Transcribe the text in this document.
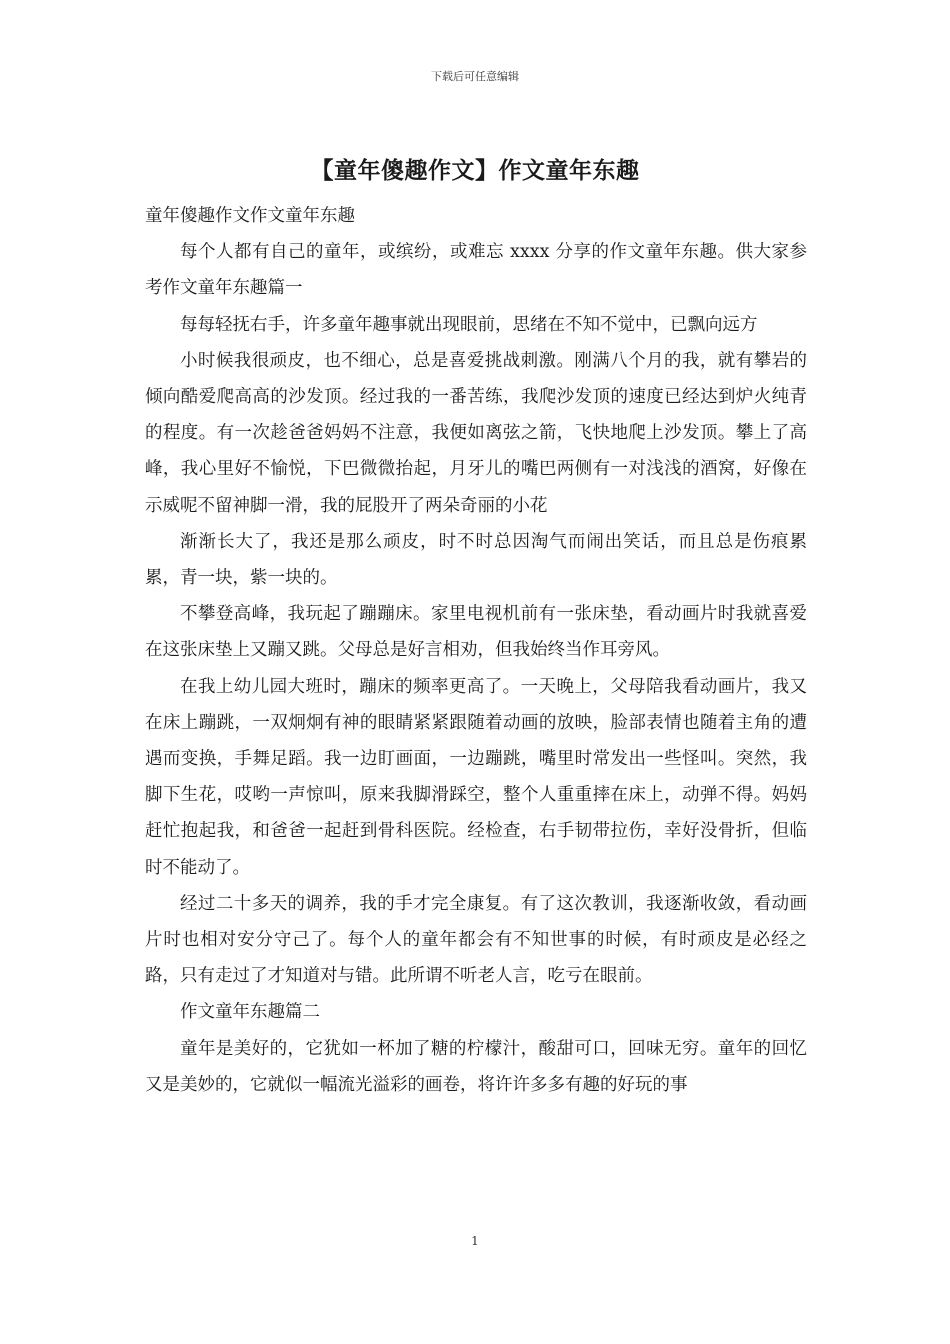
下载后可任意编辑
【童年傻趣作文】作文童年东趣

童年傻趣作文作文童年东趣

每个人都有自己的童年，或缤纷，或难忘 xxxx 分享的作文童年东趣。供大家参考作文童年东趣篇一

每每轻抚右手，许多童年趣事就出现眼前，思绪在不知不觉中，已飘向远方

小时候我很顽皮，也不细心，总是喜爱挑战刺激。刚满八个月的我，就有攀岩的倾向酷爱爬高高的沙发顶。经过我的一番苦练，我爬沙发顶的速度已经达到炉火纯青的程度。有一次趁爸爸妈妈不注意，我便如离弦之箭，飞快地爬上沙发顶。攀上了高峰，我心里好不愉悦，下巴微微抬起，月牙儿的嘴巴两侧有一对浅浅的酒窝，好像在示威呢不留神脚一滑，我的屁股开了两朵奇丽的小花

渐渐长大了，我还是那么顽皮，时不时总因淘气而闹出笑话，而且总是伤痕累累，青一块，紫一块的。

不攀登高峰，我玩起了蹦蹦床。家里电视机前有一张床垫，看动画片时我就喜爱在这张床垫上又蹦又跳。父母总是好言相劝，但我始终当作耳旁风。

在我上幼儿园大班时，蹦床的频率更高了。一天晚上，父母陪我看动画片，我又在床上蹦跳，一双炯炯有神的眼睛紧紧跟随着动画的放映，脸部表情也随着主角的遭遇而变换，手舞足蹈。我一边盯画面，一边蹦跳，嘴里时常发出一些怪叫。突然，我脚下生花，哎哟一声惊叫，原来我脚滑踩空，整个人重重摔在床上，动弹不得。妈妈赶忙抱起我，和爸爸一起赶到骨科医院。经检查，右手韧带拉伤，幸好没骨折，但临时不能动了。

经过二十多天的调养，我的手才完全康复。有了这次教训，我逐渐收敛，看动画片时也相对安分守己了。每个人的童年都会有不知世事的时候，有时顽皮是必经之路，只有走过了才知道对与错。此所谓不听老人言，吃亏在眼前。

作文童年东趣篇二

童年是美好的，它犹如一杯加了糖的柠檬汁，酸甜可口，回味无穷。童年的回忆又是美妙的，它就似一幅流光溢彩的画卷，将许许多多有趣的好玩的事

1
